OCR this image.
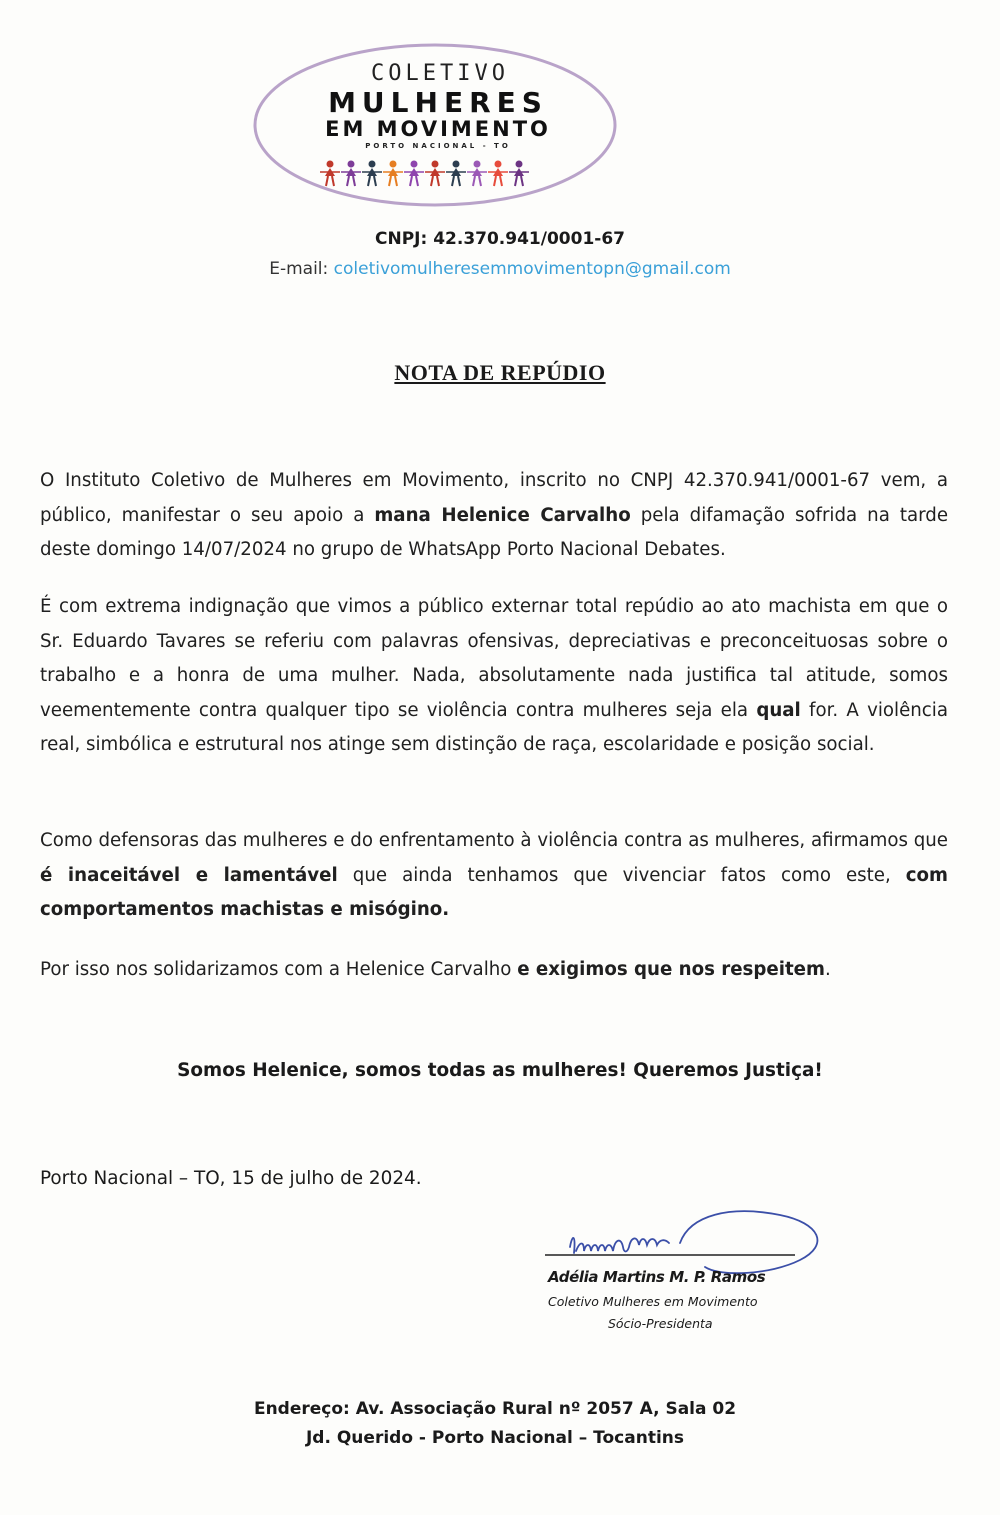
COLETIVO
MULHERES
EM MOVIMENTO
PORTO NACIONAL - TO
CNPJ: 42.370.941/0001-67
E-mail: coletivomulheresemmovimentopn@gmail.com
NOTA DE REPÚDIO

O Instituto Coletivo de Mulheres em Movimento, inscrito no CNPJ 42.370.941/0001-67 vem, a público, manifestar o seu apoio a mana Helenice Carvalho pela difamação sofrida na tarde deste domingo 14/07/2024 no grupo de WhatsApp Porto Nacional Debates.

É com extrema indignação que vimos a público externar total repúdio ao ato machista em que o Sr. Eduardo Tavares se referiu com palavras ofensivas, depreciativas e preconceituosas sobre o trabalho e a honra de uma mulher. Nada, absolutamente nada justifica tal atitude, somos veementemente contra qualquer tipo se violência contra mulheres seja ela qual for. A violência real, simbólica e estrutural nos atinge sem distinção de raça, escolaridade e posição social.

Como defensoras das mulheres e do enfrentamento à violência contra as mulheres, afirmamos que é inaceitável e lamentável que ainda tenhamos que vivenciar fatos como este, com comportamentos machistas e misógino.

Por isso nos solidarizamos com a Helenice Carvalho e exigimos que nos respeitem.

Somos Helenice, somos todas as mulheres! Queremos Justiça!
Porto Nacional – TO, 15 de julho de 2024.
Adélia Martins M. P. Ramos
Coletivo Mulheres em Movimento
Sócio-Presidenta
Endereço: Av. Associação Rural nº 2057 A, Sala 02
Jd. Querido - Porto Nacional – Tocantins
